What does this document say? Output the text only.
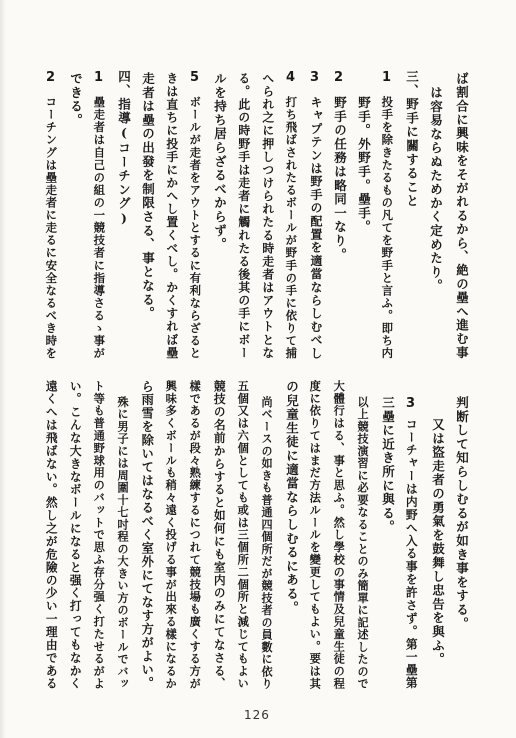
ば割合に興味をそがれるから、絶の壘へ進む事
は容易ならぬためかく定めたり。
三、野手に關すること
1
投手を除きたるもの凡てを野手と言ふ。即ち内
野手。外野手。壘手。
2
野手の任務は略同一なり。
3
キャプテンは野手の配置を適當ならしむべし
4
打ち飛ばされたるボールが野手の手に依りて捕
へられ之に押しつけられたる時走者はアウトとな
る。此の時野手は走者に觸れたる後其の手にボー
ルを持ち居らざるべからず。
5
ボールが走者をアウトとするに有利ならざると
きは直ちに投手にかへし置くべし。かくすれば壘
走者は壘の出發を制限さる、事となる。
四、指導(コーチング)
1
壘走者は自己の組の一競技者に指導さるゝ事が
できる。
2
コーチングは壘走者に走るに安全なるべき時を
判断して知らしむるが如き事をする。
又は盜走者の勇氣を鼓舞し忠告を與ふ。
3
コーチャーは内野へ入る事を許さず。第一壘第
三壘に近き所に與る。
以上競技演習に必要なることのみ簡單に記述したので
大體行はる、事と思ふ。然し學校の事情及兒童生徒の程
度に依りてはまだ方法ルールを變更してもよい。要は其
の兒童生徒に適當ならしむるにある。
尚ベースの如きも普通四個所だが競技者の員數に依り
五個又は六個としても或は三個所二個所と減じてもよい
競技の名前からすると如何にも室内のみにてなさる、
樣であるが段々熟練するにつれて競技場も廣くする方が
興味多くボールも稍々遠く投げる事が出來る樣になるか
ら雨雪を除いてはなるべく室外にてなす方がよい。
殊に男子には周圍十七吋程の大きい方のボールでバッ
ト等も普通野球用のバットで思ふ存分强く打たせるがよ
い。こんな大きなボールになると强く打ってもなかく
遠くへは飛ばない。然し之が危險の少い一理由である
126
